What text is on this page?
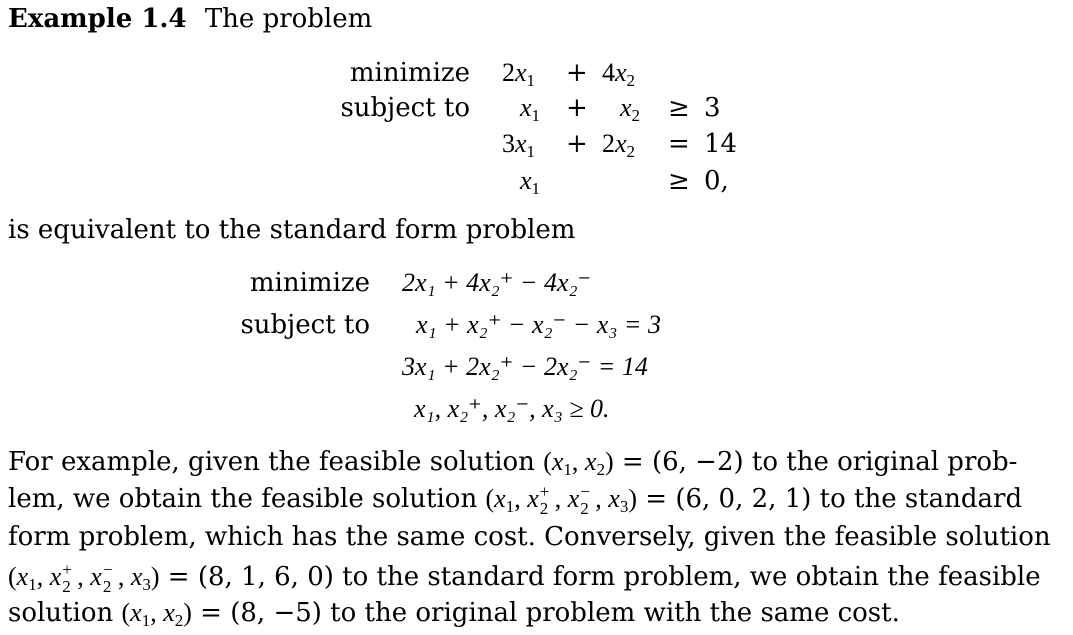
Example 1.4 The problem
minimize
subject to
$2x_1 + 4x_2$
$x_1 + x_2 \ge 3$
$3x_1 + 2x_2 = 14$
$x_1$	≥ 0,
is equivalent to the standard form problem
minimize
subject to
2x₁ + 4x₂⁺ − 4x₂⁻
x₁ + x₂⁺ − x₂⁻ − x₃ = 3
3x₁ + 2x₂⁺ − 2x₂⁻ = 14
x₁, x₂⁺, x₂⁻, x₃ ≥ 0.
For example, given the feasible solution ($x_1$, $x_2) = (6$, −2) to the original prob-
lem, we obtain the feasible solution ($x_1$, x +
2 , x −
2 , $x_3) = (6$, 0, 2, 1) to the standard
form problem, which has the same cost. Conversely, given the feasible solution
($x_1$, x +
2 , x −
2 , $x_3) = (8$, 1, 6, 0) to the standard form problem, we obtain the feasible
solution ($x_1$, $x_2) = (8$, −5) to the original problem with the same cost.
